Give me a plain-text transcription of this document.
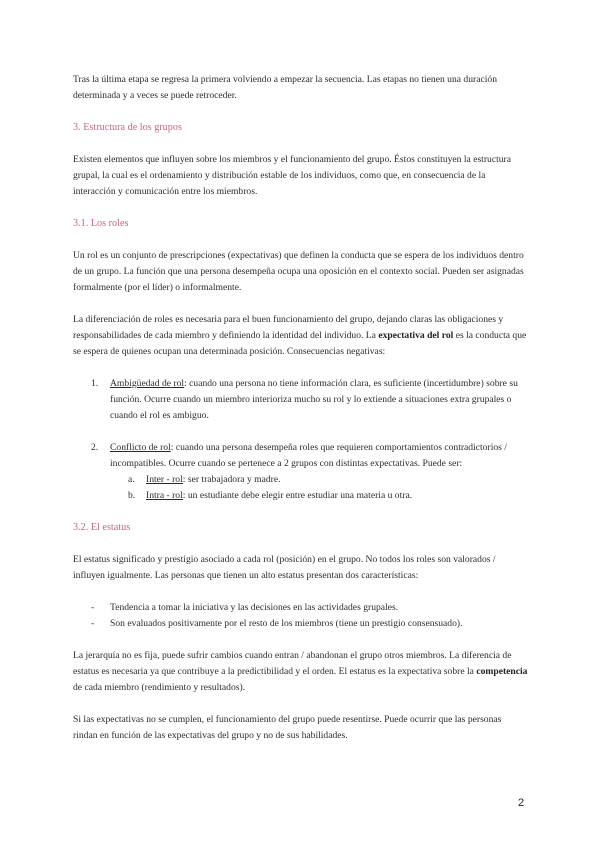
Tras la última etapa se regresa la primera volviendo a empezar la secuencia. Las etapas no tienen una duración determinada y a veces se puede retroceder.

3. Estructura de los grupos

Existen elementos que influyen sobre los miembros y el funcionamiento del grupo. Éstos constituyen la estructura grupal, la cual es el ordenamiento y distribución estable de los individuos, como que, en consecuencia de la interacción y comunicación entre los miembros.

3.1. Los roles

Un rol es un conjunto de prescripciones (expectativas) que definen la conducta que se espera de los individuos dentro de un grupo. La función que una persona desempeña ocupa una oposición en el contexto social. Pueden ser asignadas formalmente (por el líder) o informalmente.

La diferenciación de roles es necesaria para el buen funcionamiento del grupo, dejando claras las obligaciones y responsabilidades de cada miembro y definiendo la identidad del individuo. La expectativa del rol es la conducta que se espera de quienes ocupan una determinada posición. Consecuencias negativas:

1. Ambigüedad de rol: cuando una persona no tiene información clara, es suficiente (incertidumbre) sobre su función. Ocurre cuando un miembro interioriza mucho su rol y lo extiende a situaciones extra grupales o cuando el rol es ambiguo.
2. Conflicto de rol: cuando una persona desempeña roles que requieren comportamientos contradictorios / incompatibles. Ocurre cuando se pertenece a 2 grupos con distintas expectativas. Puede ser:
a. Inter - rol: ser trabajadora y madre.
b. Intra - rol: un estudiante debe elegir entre estudiar una materia u otra.
3.2. El estatus

El estatus significado y prestigio asociado a cada rol (posición) en el grupo. No todos los roles son valorados / influyen igualmente. Las personas que tienen un alto estatus presentan dos características:

- Tendencia a tomar la iniciativa y las decisiones en las actividades grupales.
- Son evaluados positivamente por el resto de los miembros (tiene un prestigio consensuado).

La jerarquía no es fija, puede sufrir cambios cuando entran / abandonan el grupo otros miembros. La diferencia de estatus es necesaria ya que contribuye a la predictibilidad y el orden. El estatus es la expectativa sobre la competencia de cada miembro (rendimiento y resultados).

Si las expectativas no se cumplen, el funcionamiento del grupo puede resentirse. Puede ocurrir que las personas rindan en función de las expectativas del grupo y no de sus habilidades.

2
